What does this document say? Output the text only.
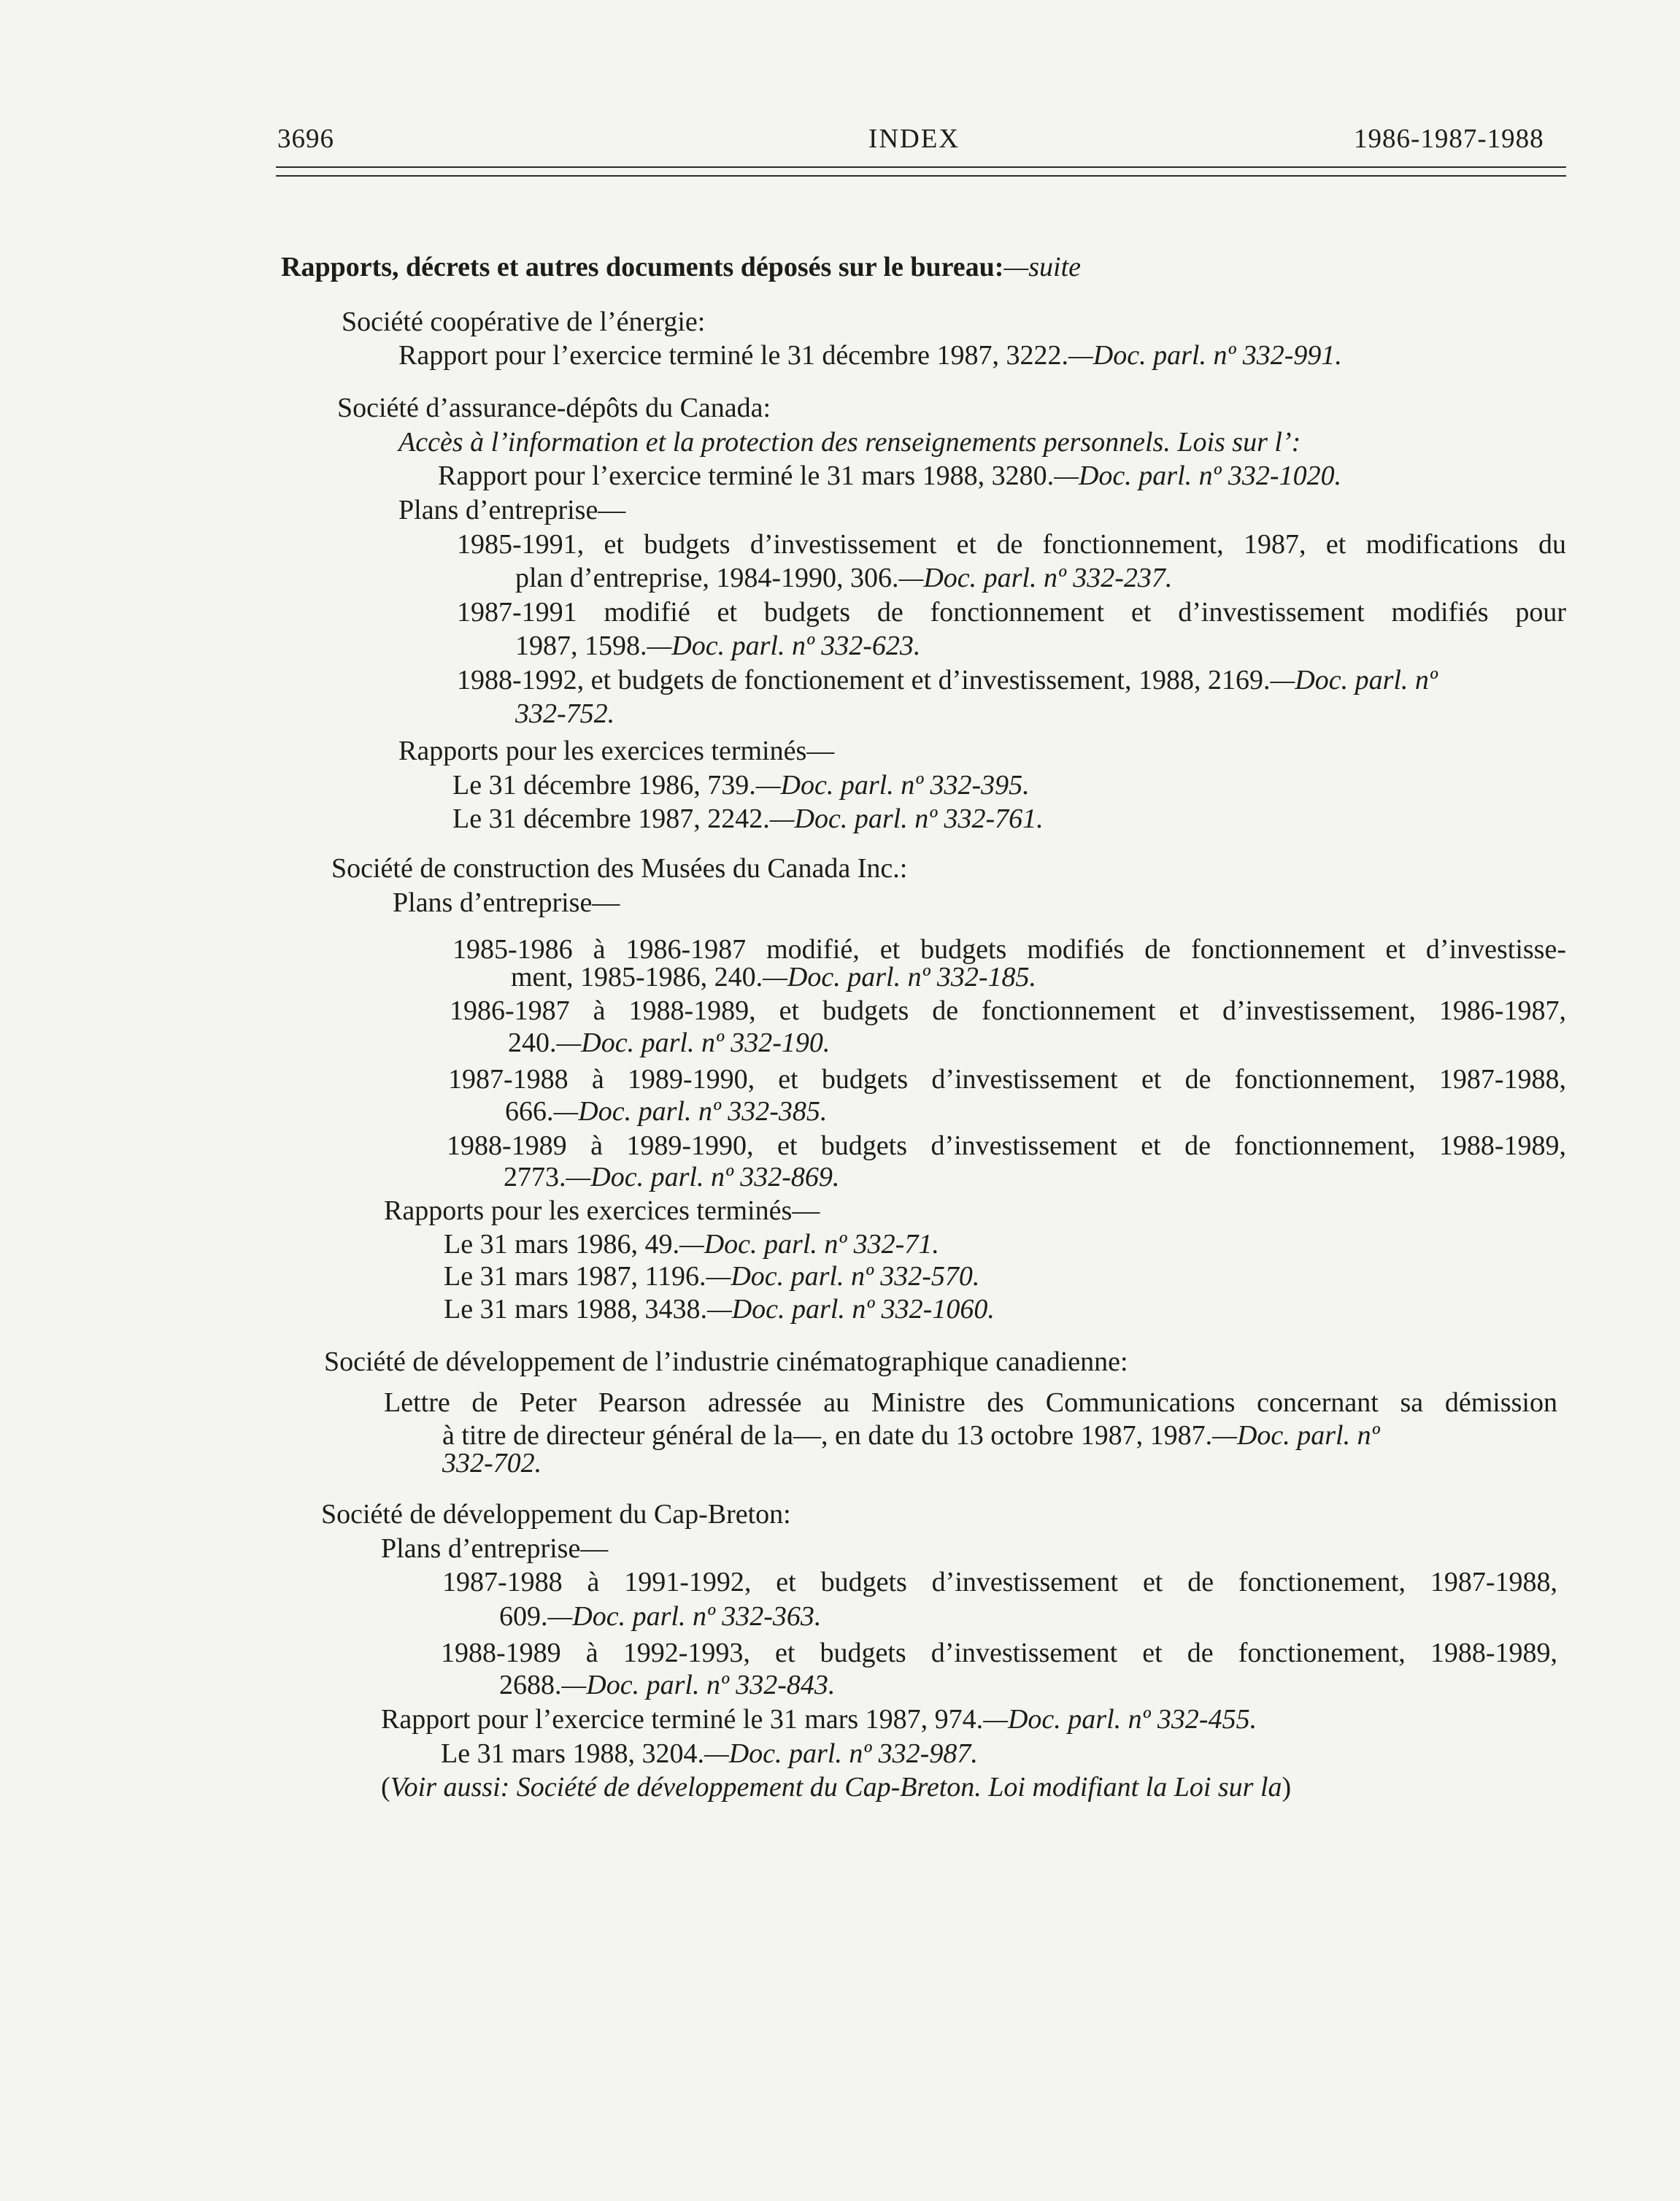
3696	INDEX	1986-1987-1988
Rapports, décrets et autres documents déposés sur le bureau:—suite
Société coopérative de l’énergie:
Rapport pour l’exercice terminé le 31 décembre 1987, 3222.—Doc. parl. nº 332-991.
Société d’assurance-dépôts du Canada:
Accès à l’information et la protection des renseignements personnels. Lois sur l’:
Rapport pour l’exercice terminé le 31 mars 1988, 3280.—Doc. parl. nº 332-1020.
Plans d’entreprise—
1985-1991, et budgets d’investissement et de fonctionnement, 1987, et modifications du
plan d’entreprise, 1984-1990, 306.—Doc. parl. nº 332-237.
1987-1991 modifié et budgets de fonctionnement et d’investissement modifiés pour
1987, 1598.—Doc. parl. nº 332-623.
1988-1992, et budgets de fonctionement et d’investissement, 1988, 2169.—Doc. parl. nº
332-752.
Rapports pour les exercices terminés—
Le 31 décembre 1986, 739.—Doc. parl. nº 332-395.
Le 31 décembre 1987, 2242.—Doc. parl. nº 332-761.
Société de construction des Musées du Canada Inc.:
Plans d’entreprise—
1985-1986 à 1986-1987 modifié, et budgets modifiés de fonctionnement et d’investisse-
ment, 1985-1986, 240.—Doc. parl. nº 332-185.
1986-1987 à 1988-1989, et budgets de fonctionnement et d’investissement, 1986-1987,
240.—Doc. parl. nº 332-190.
1987-1988 à 1989-1990, et budgets d’investissement et de fonctionnement, 1987-1988,
666.—Doc. parl. nº 332-385.
1988-1989 à 1989-1990, et budgets d’investissement et de fonctionnement, 1988-1989,
2773.—Doc. parl. nº 332-869.
Rapports pour les exercices terminés—
Le 31 mars 1986, 49.—Doc. parl. nº 332-71.
Le 31 mars 1987, 1196.—Doc. parl. nº 332-570.
Le 31 mars 1988, 3438.—Doc. parl. nº 332-1060.
Société de développement de l’industrie cinématographique canadienne:
Lettre de Peter Pearson adressée au Ministre des Communications concernant sa démission
à titre de directeur général de la—, en date du 13 octobre 1987, 1987.—Doc. parl. nº
332-702.
Société de développement du Cap-Breton:
Plans d’entreprise—
1987-1988 à 1991-1992, et budgets d’investissement et de fonctionement, 1987-1988,
609.—Doc. parl. nº 332-363.
1988-1989 à 1992-1993, et budgets d’investissement et de fonctionement, 1988-1989,
2688.—Doc. parl. nº 332-843.
Rapport pour l’exercice terminé le 31 mars 1987, 974.—Doc. parl. nº 332-455.
Le 31 mars 1988, 3204.—Doc. parl. nº 332-987.
(Voir aussi: Société de développement du Cap-Breton. Loi modifiant la Loi sur la)
